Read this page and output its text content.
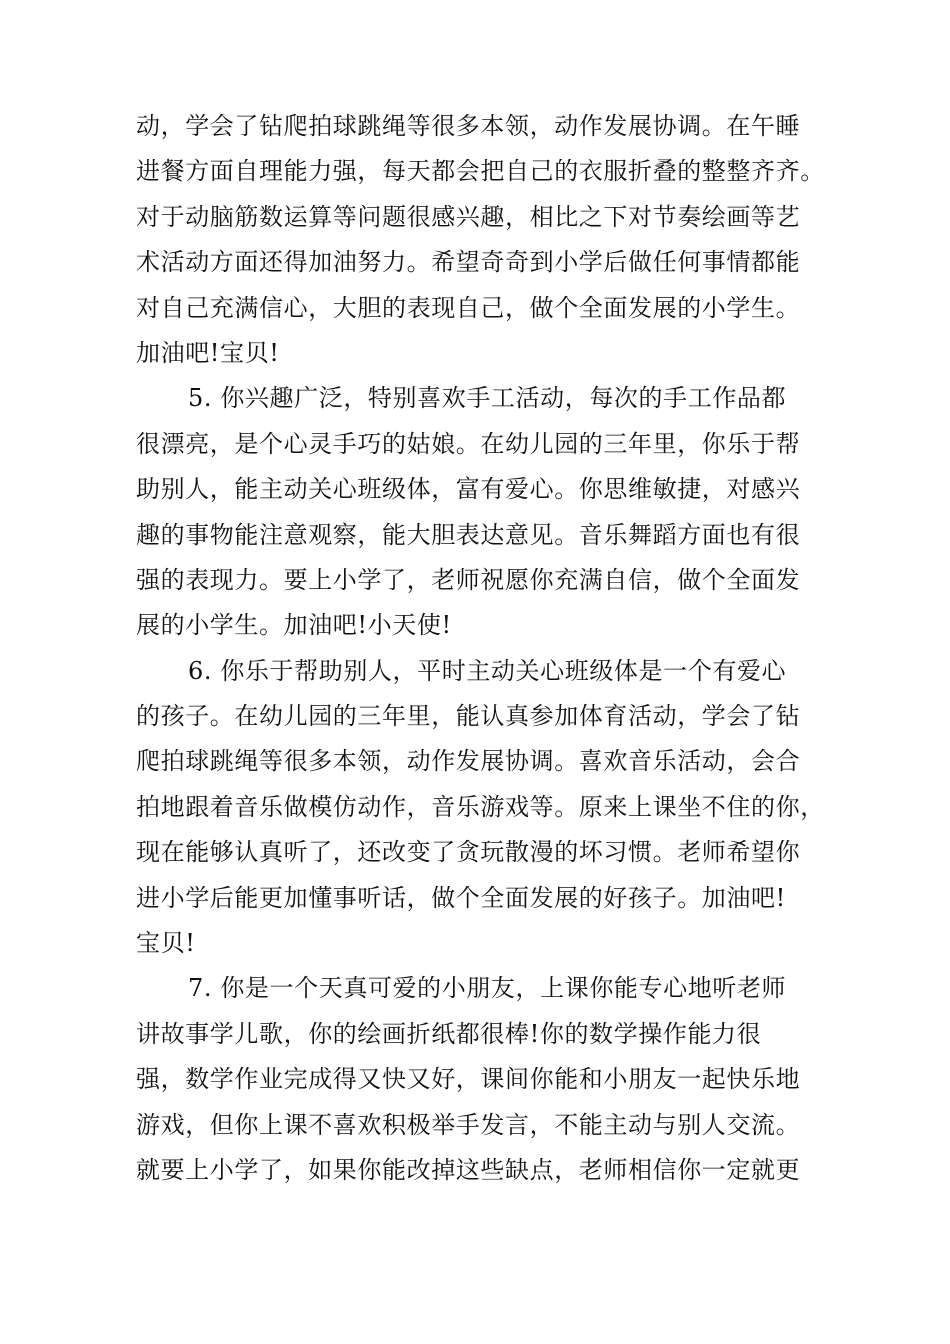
动，学会了钻爬拍球跳绳等很多本领，动作发展协调。在午睡
进餐方面自理能力强，每天都会把自己的衣服折叠的整整齐齐。
对于动脑筋数运算等问题很感兴趣，相比之下对节奏绘画等艺
术活动方面还得加油努力。希望奇奇到小学后做任何事情都能
对自己充满信心，大胆的表现自己，做个全面发展的小学生。
加油吧!宝贝!
5. 你兴趣广泛，特别喜欢手工活动，每次的手工作品都
很漂亮，是个心灵手巧的姑娘。在幼儿园的三年里，你乐于帮
助别人，能主动关心班级体，富有爱心。你思维敏捷，对感兴
趣的事物能注意观察，能大胆表达意见。音乐舞蹈方面也有很
强的表现力。要上小学了，老师祝愿你充满自信，做个全面发
展的小学生。加油吧!小天使!
6. 你乐于帮助别人，平时主动关心班级体是一个有爱心
的孩子。在幼儿园的三年里，能认真参加体育活动，学会了钻
爬拍球跳绳等很多本领，动作发展协调。喜欢音乐活动，会合
拍地跟着音乐做模仿动作，音乐游戏等。原来上课坐不住的你，
现在能够认真听了，还改变了贪玩散漫的坏习惯。老师希望你
进小学后能更加懂事听话，做个全面发展的好孩子。加油吧!
宝贝!
7. 你是一个天真可爱的小朋友，上课你能专心地听老师
讲故事学儿歌，你的绘画折纸都很棒!你的数学操作能力很
强，数学作业完成得又快又好，课间你能和小朋友一起快乐地
游戏，但你上课不喜欢积极举手发言，不能主动与别人交流。
就要上小学了，如果你能改掉这些缺点，老师相信你一定就更
